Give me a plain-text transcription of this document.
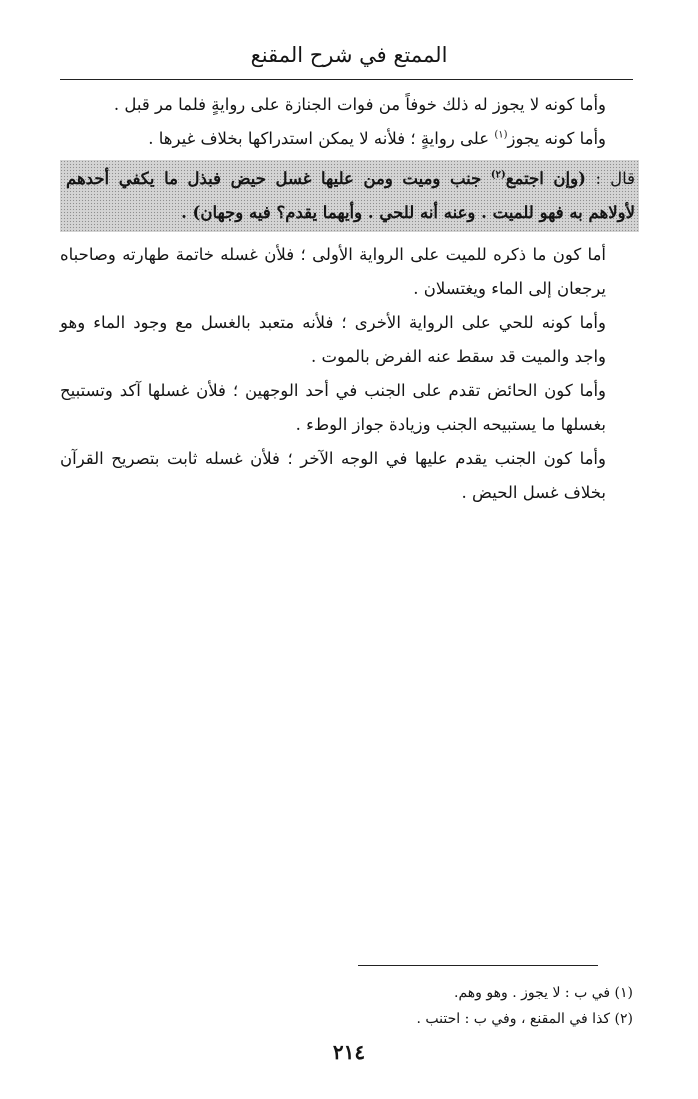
الممتع في شرح المقنع

وأما كونه لا يجوز له ذلك خوفاً من فوات الجنازة على روايةٍ فلما مر قبل .

وأما كونه يجوز$^{(١)}$ على روايةٍ ؛ فلأنه لا يمكن استدراكها بخلاف غيرها .

قال : (وإن اجتمع$^{(٢)}$ جنب وميت ومن عليها غسل حيض فبذل ما يكفي أحدهم لأولاهم به فهو للميت . وعنه أنه للحي . وأيهما يقدم؟ فيه وجهان) .

أما كون ما ذكره للميت على الرواية الأولى ؛ فلأن غسله خاتمة طهارته وصاحباه يرجعان إلى الماء ويغتسلان .

وأما كونه للحي على الرواية الأخرى ؛ فلأنه متعبد بالغسل مع وجود الماء وهو واجد والميت قد سقط عنه الفرض بالموت .

وأما كون الحائض تقدم على الجنب في أحد الوجهين ؛ فلأن غسلها آكد وتستبيح بغسلها ما يستبيحه الجنب وزيادة جواز الوطء .

وأما كون الجنب يقدم عليها في الوجه الآخر ؛ فلأن غسله ثابت بتصريح القرآن بخلاف غسل الحيض .

(١) في ب : لا يجوز . وهو وهم.

(٢) كذا في المقنع ، وفي ب : احتنب .

٢١٤
